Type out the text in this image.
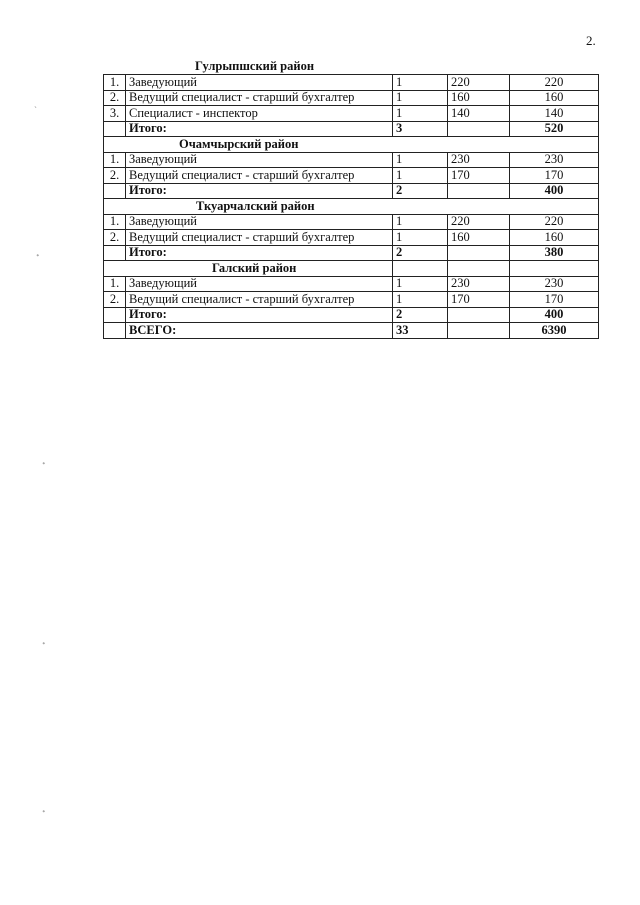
2.
Гулрыпшский район
1.	Заведующий	1	220	220
2.	Ведущий специалист - старший бухгалтер	1	160	160
3.	Специалист - инспектор	1	140	140
	Итого:	3		520
Очамчырский район				
1.	Заведующий	1	230	230
2.	Ведущий специалист - старший бухгалтер	1	170	170
	Итого:	2		400
Ткуарчалский район				
1.	Заведующий	1	220	220
2.	Ведущий специалист - старший бухгалтер	1	160	160
	Итого:	2		380
Галский район				
1.	Заведующий	1	230	230
2.	Ведущий специалист - старший бухгалтер	1	170	170
	Итого:	2		400
	ВСЕГО:	33		6390
ˎ
ᐩ
ᐩ
ᐩ
ᐩ
